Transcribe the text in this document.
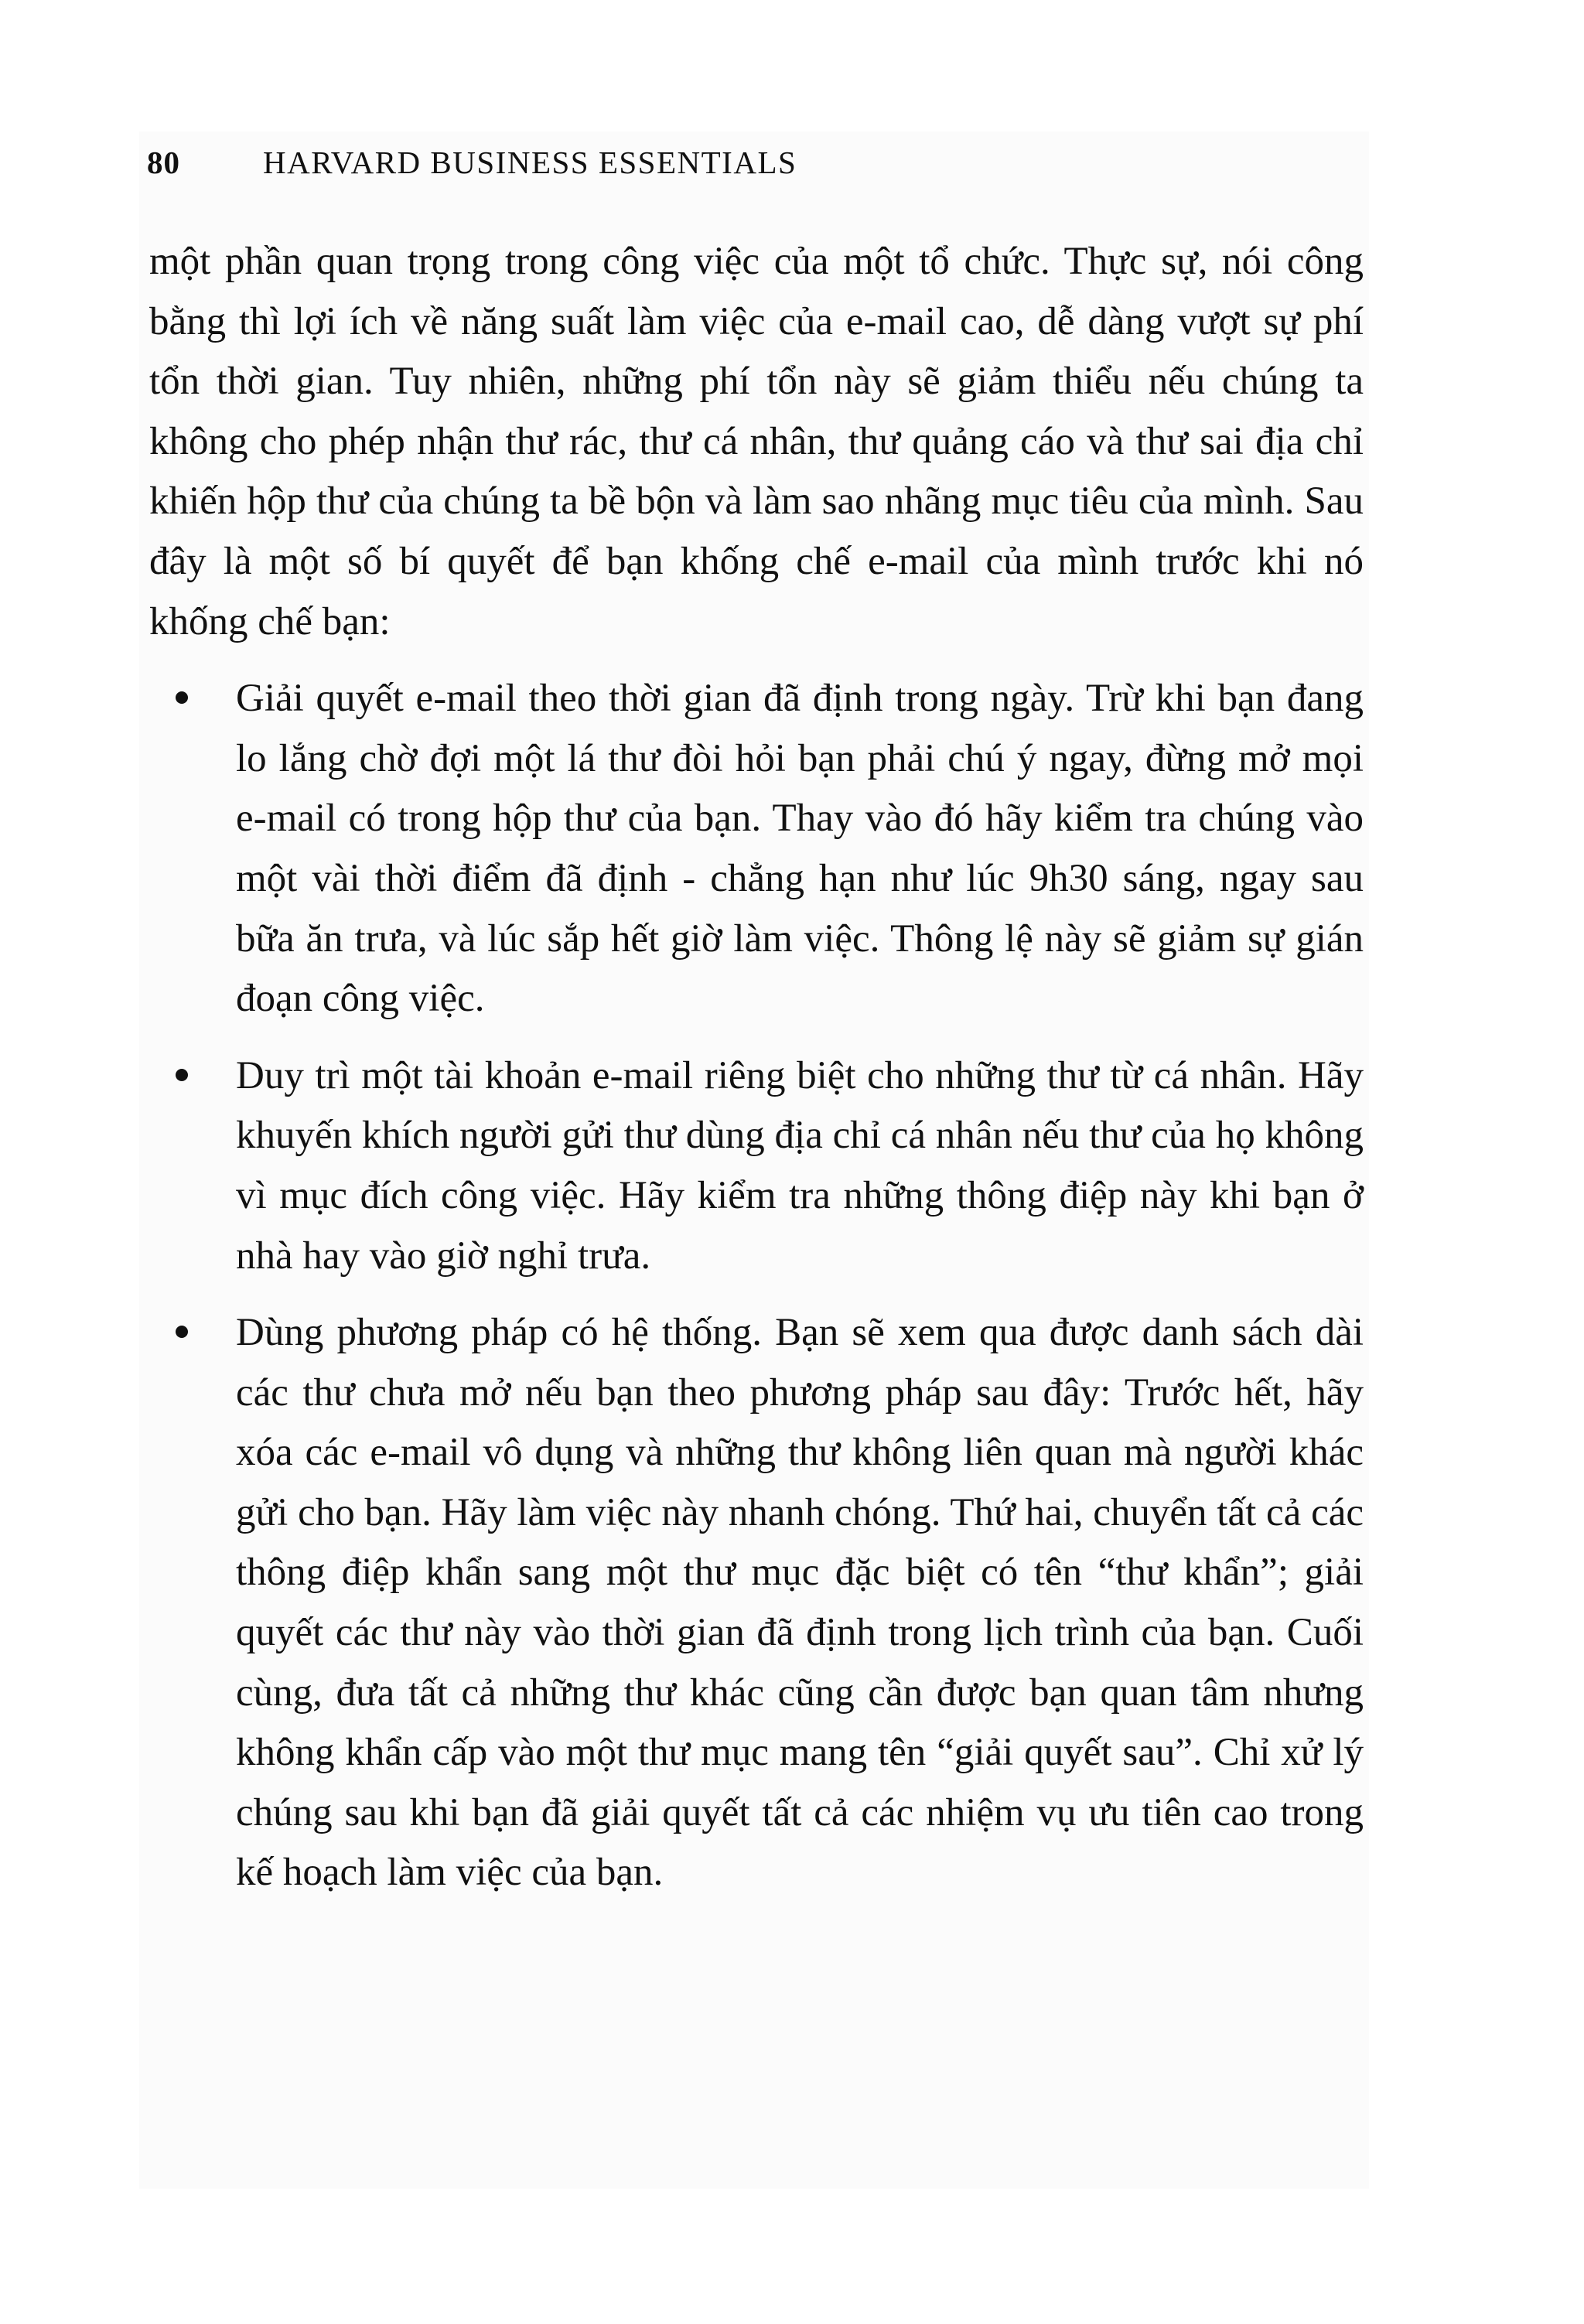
80	HARVARD BUSINESS ESSENTIALS

một phần quan trọng trong công việc của một tổ chức. Thực sự, nói công bằng thì lợi ích về năng suất làm việc của e-mail cao, dễ dàng vượt sự phí tổn thời gian. Tuy nhiên, những phí tổn này sẽ giảm thiểu nếu chúng ta không cho phép nhận thư rác, thư cá nhân, thư quảng cáo và thư sai địa chỉ khiến hộp thư của chúng ta bề bộn và làm sao nhãng mục tiêu của mình. Sau đây là một số bí quyết để bạn khống chế e-mail của mình trước khi nó khống chế bạn:

Giải quyết e-mail theo thời gian đã định trong ngày. Trừ khi bạn đang lo lắng chờ đợi một lá thư đòi hỏi bạn phải chú ý ngay, đừng mở mọi e-mail có trong hộp thư của bạn. Thay vào đó hãy kiểm tra chúng vào một vài thời điểm đã định - chẳng hạn như lúc 9h30 sáng, ngay sau bữa ăn trưa, và lúc sắp hết giờ làm việc. Thông lệ này sẽ giảm sự gián đoạn công việc.
Duy trì một tài khoản e-mail riêng biệt cho những thư từ cá nhân. Hãy khuyến khích người gửi thư dùng địa chỉ cá nhân nếu thư của họ không vì mục đích công việc. Hãy kiểm tra những thông điệp này khi bạn ở nhà hay vào giờ nghỉ trưa.
Dùng phương pháp có hệ thống. Bạn sẽ xem qua được danh sách dài các thư chưa mở nếu bạn theo phương pháp sau đây: Trước hết, hãy xóa các e-mail vô dụng và những thư không liên quan mà người khác gửi cho bạn. Hãy làm việc này nhanh chóng. Thứ hai, chuyển tất cả các thông điệp khẩn sang một thư mục đặc biệt có tên “thư khẩn”; giải quyết các thư này vào thời gian đã định trong lịch trình của bạn. Cuối cùng, đưa tất cả những thư khác cũng cần được bạn quan tâm nhưng không khẩn cấp vào một thư mục mang tên “giải quyết sau”. Chỉ xử lý chúng sau khi bạn đã giải quyết tất cả các nhiệm vụ ưu tiên cao trong kế hoạch làm việc của bạn.
